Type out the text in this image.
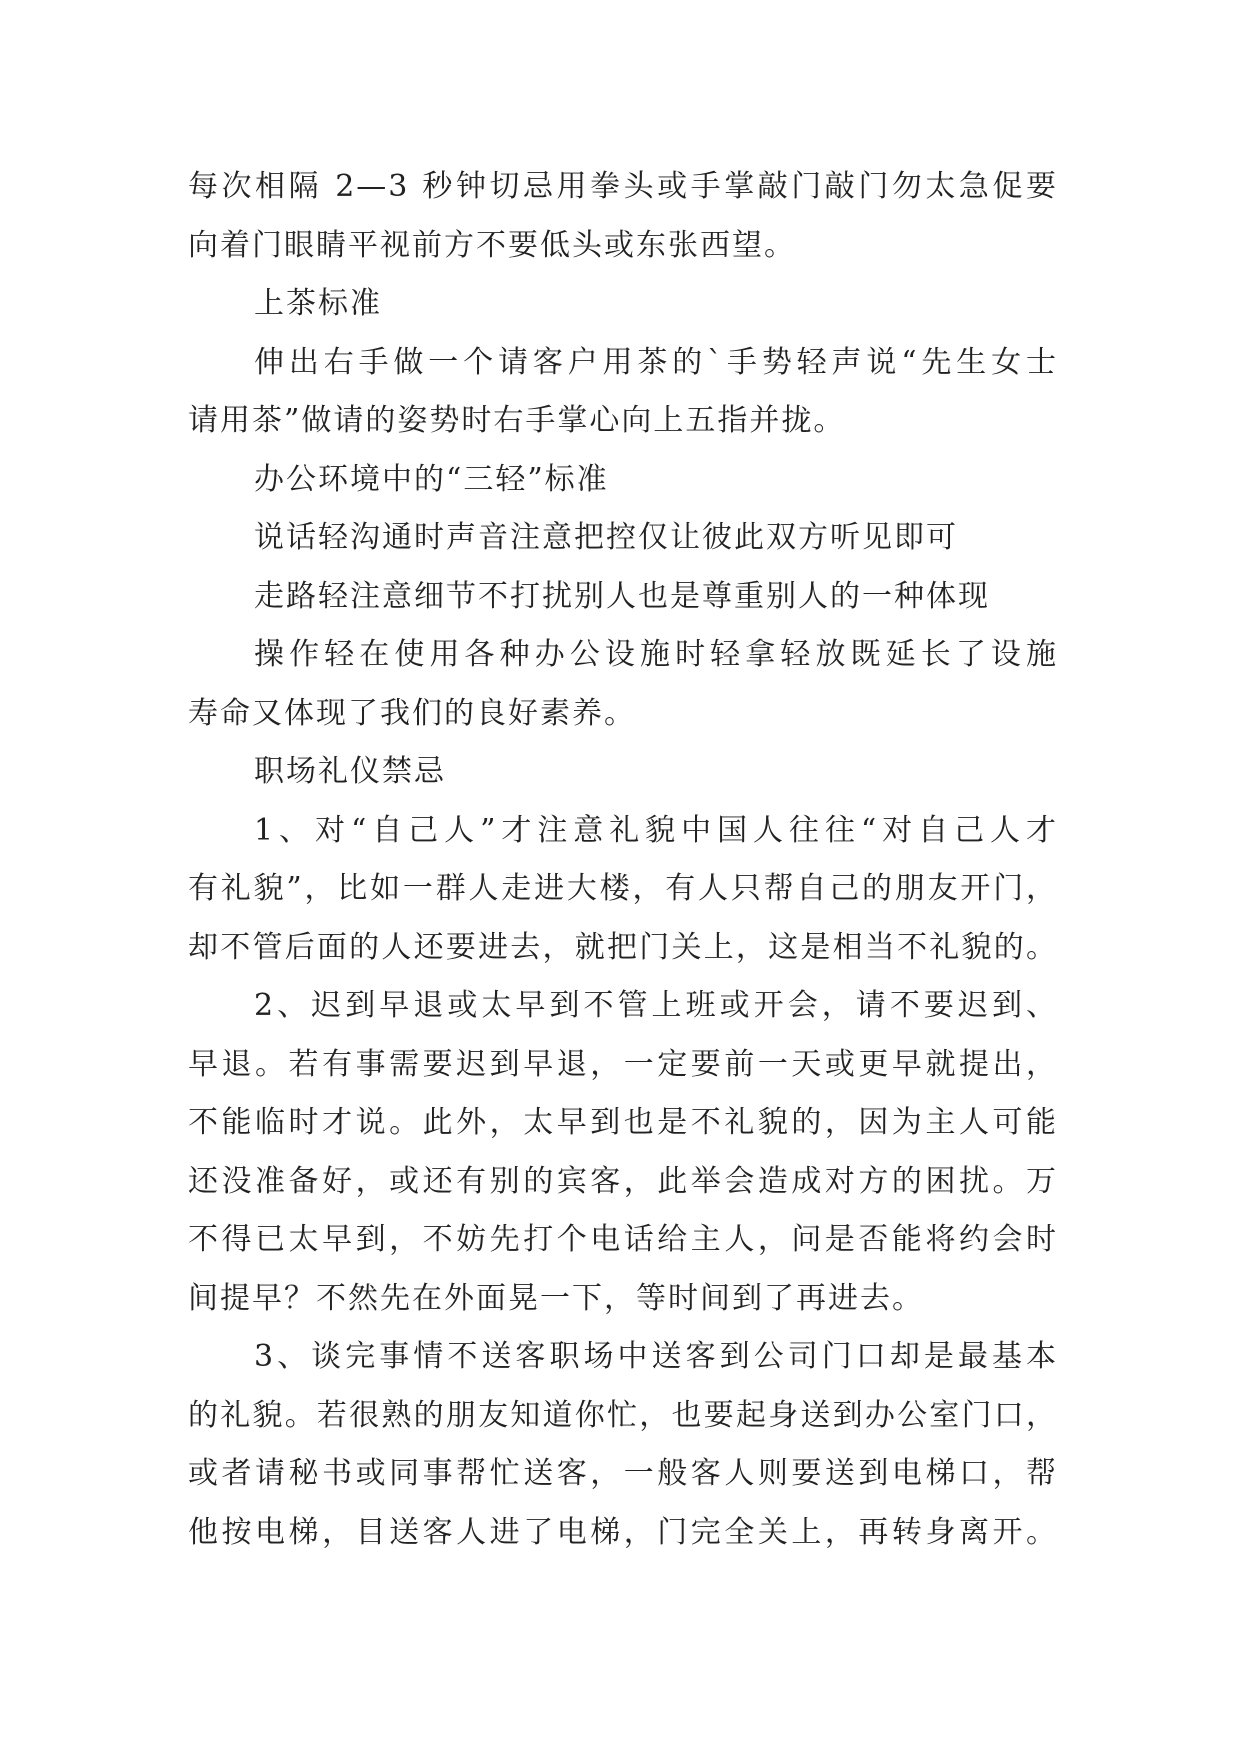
每次相隔 2—3 秒钟切忌用拳头或手掌敲门敲门勿太急促要
向着门眼睛平视前方不要低头或东张西望。
上茶标准
伸出右手做一个请客户用茶的`手势轻声说“先生女士
请用茶”做请的姿势时右手掌心向上五指并拢。
办公环境中的“三轻”标准
说话轻沟通时声音注意把控仅让彼此双方听见即可
走路轻注意细节不打扰别人也是尊重别人的一种体现
操作轻在使用各种办公设施时轻拿轻放既延长了设施
寿命又体现了我们的良好素养。
职场礼仪禁忌
1、对“自己人”才注意礼貌中国人往往“对自己人才
有礼貌”，比如一群人走进大楼，有人只帮自己的朋友开门，
却不管后面的人还要进去，就把门关上，这是相当不礼貌的。
2、迟到早退或太早到不管上班或开会，请不要迟到、
早退。若有事需要迟到早退，一定要前一天或更早就提出，
不能临时才说。此外，太早到也是不礼貌的，因为主人可能
还没准备好，或还有别的宾客，此举会造成对方的困扰。万
不得已太早到，不妨先打个电话给主人，问是否能将约会时
间提早？不然先在外面晃一下，等时间到了再进去。
3、谈完事情不送客职场中送客到公司门口却是最基本
的礼貌。若很熟的朋友知道你忙，也要起身送到办公室门口，
或者请秘书或同事帮忙送客，一般客人则要送到电梯口，帮
他按电梯，目送客人进了电梯，门完全关上，再转身离开。
